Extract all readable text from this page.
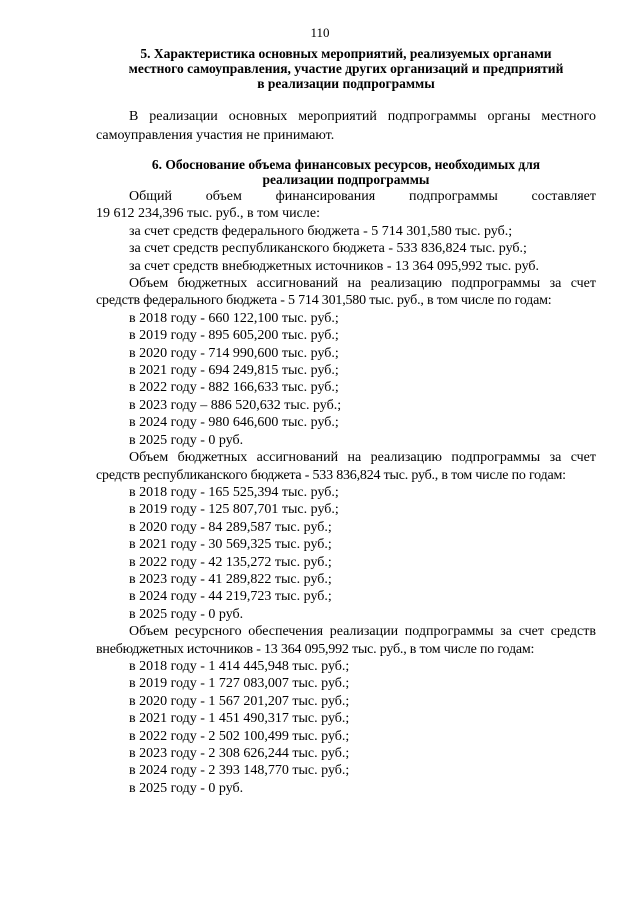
110
5. Характеристика основных мероприятий, реализуемых органами
местного самоуправления, участие других организаций и предприятий
в реализации подпрограммы
В реализации основных мероприятий подпрограммы органы местного
самоуправления участия не принимают.
6. Обоснование объема финансовых ресурсов, необходимых для
реализации подпрограммы
Общий объем финансирования подпрограммы составляет
19 612 234,396 тыс. руб., в том числе:
за счет средств федерального бюджета - 5 714 301,580 тыс. руб.;
за счет средств республиканского бюджета - 533 836,824 тыс. руб.;
за счет средств внебюджетных источников - 13 364 095,992 тыс. руб.
Объем бюджетных ассигнований на реализацию подпрограммы за счет
средств федерального бюджета - 5 714 301,580 тыс. руб., в том числе по годам:
в 2018 году - 660 122,100 тыс. руб.;
в 2019 году - 895 605,200 тыс. руб.;
в 2020 году - 714 990,600 тыс. руб.;
в 2021 году - 694 249,815 тыс. руб.;
в 2022 году - 882 166,633 тыс. руб.;
в 2023 году – 886 520,632 тыс. руб.;
в 2024 году - 980 646,600 тыс. руб.;
в 2025 году - 0 руб.
Объем бюджетных ассигнований на реализацию подпрограммы за счет
средств республиканского бюджета - 533 836,824 тыс. руб., в том числе по годам:
в 2018 году - 165 525,394 тыс. руб.;
в 2019 году - 125 807,701 тыс. руб.;
в 2020 году - 84 289,587 тыс. руб.;
в 2021 году - 30 569,325 тыс. руб.;
в 2022 году - 42 135,272 тыс. руб.;
в 2023 году - 41 289,822 тыс. руб.;
в 2024 году - 44 219,723 тыс. руб.;
в 2025 году - 0 руб.
Объем ресурсного обеспечения реализации подпрограммы за счет средств
внебюджетных источников - 13 364 095,992 тыс. руб., в том числе по годам:
в 2018 году - 1 414 445,948 тыс. руб.;
в 2019 году - 1 727 083,007 тыс. руб.;
в 2020 году - 1 567 201,207 тыс. руб.;
в 2021 году - 1 451 490,317 тыс. руб.;
в 2022 году - 2 502 100,499 тыс. руб.;
в 2023 году - 2 308 626,244 тыс. руб.;
в 2024 году - 2 393 148,770 тыс. руб.;
в 2025 году - 0 руб.
